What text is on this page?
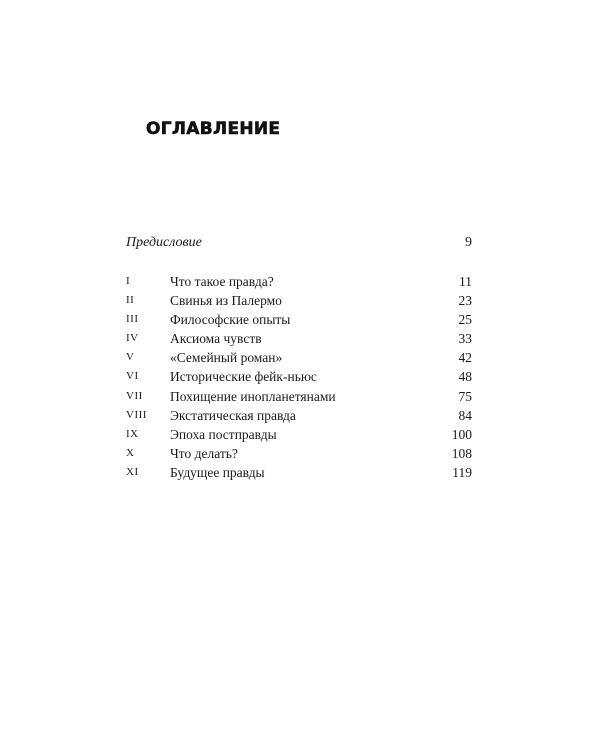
ОГЛАВЛЕНИЕ
Предисловие	9
I	Что такое правда?	11
II	Свинья из Палермо	23
III Философские опыты	25
IV Аксиома чувств	33
V	«Семейный роман»	42
VI Исторические фейк-ньюс	48
VII Похищение инопланетянами	75
VIII Экстатическая правда	84
IX Эпоха постправды	100
X	Что делать?	108
XI Будущее правды	119
